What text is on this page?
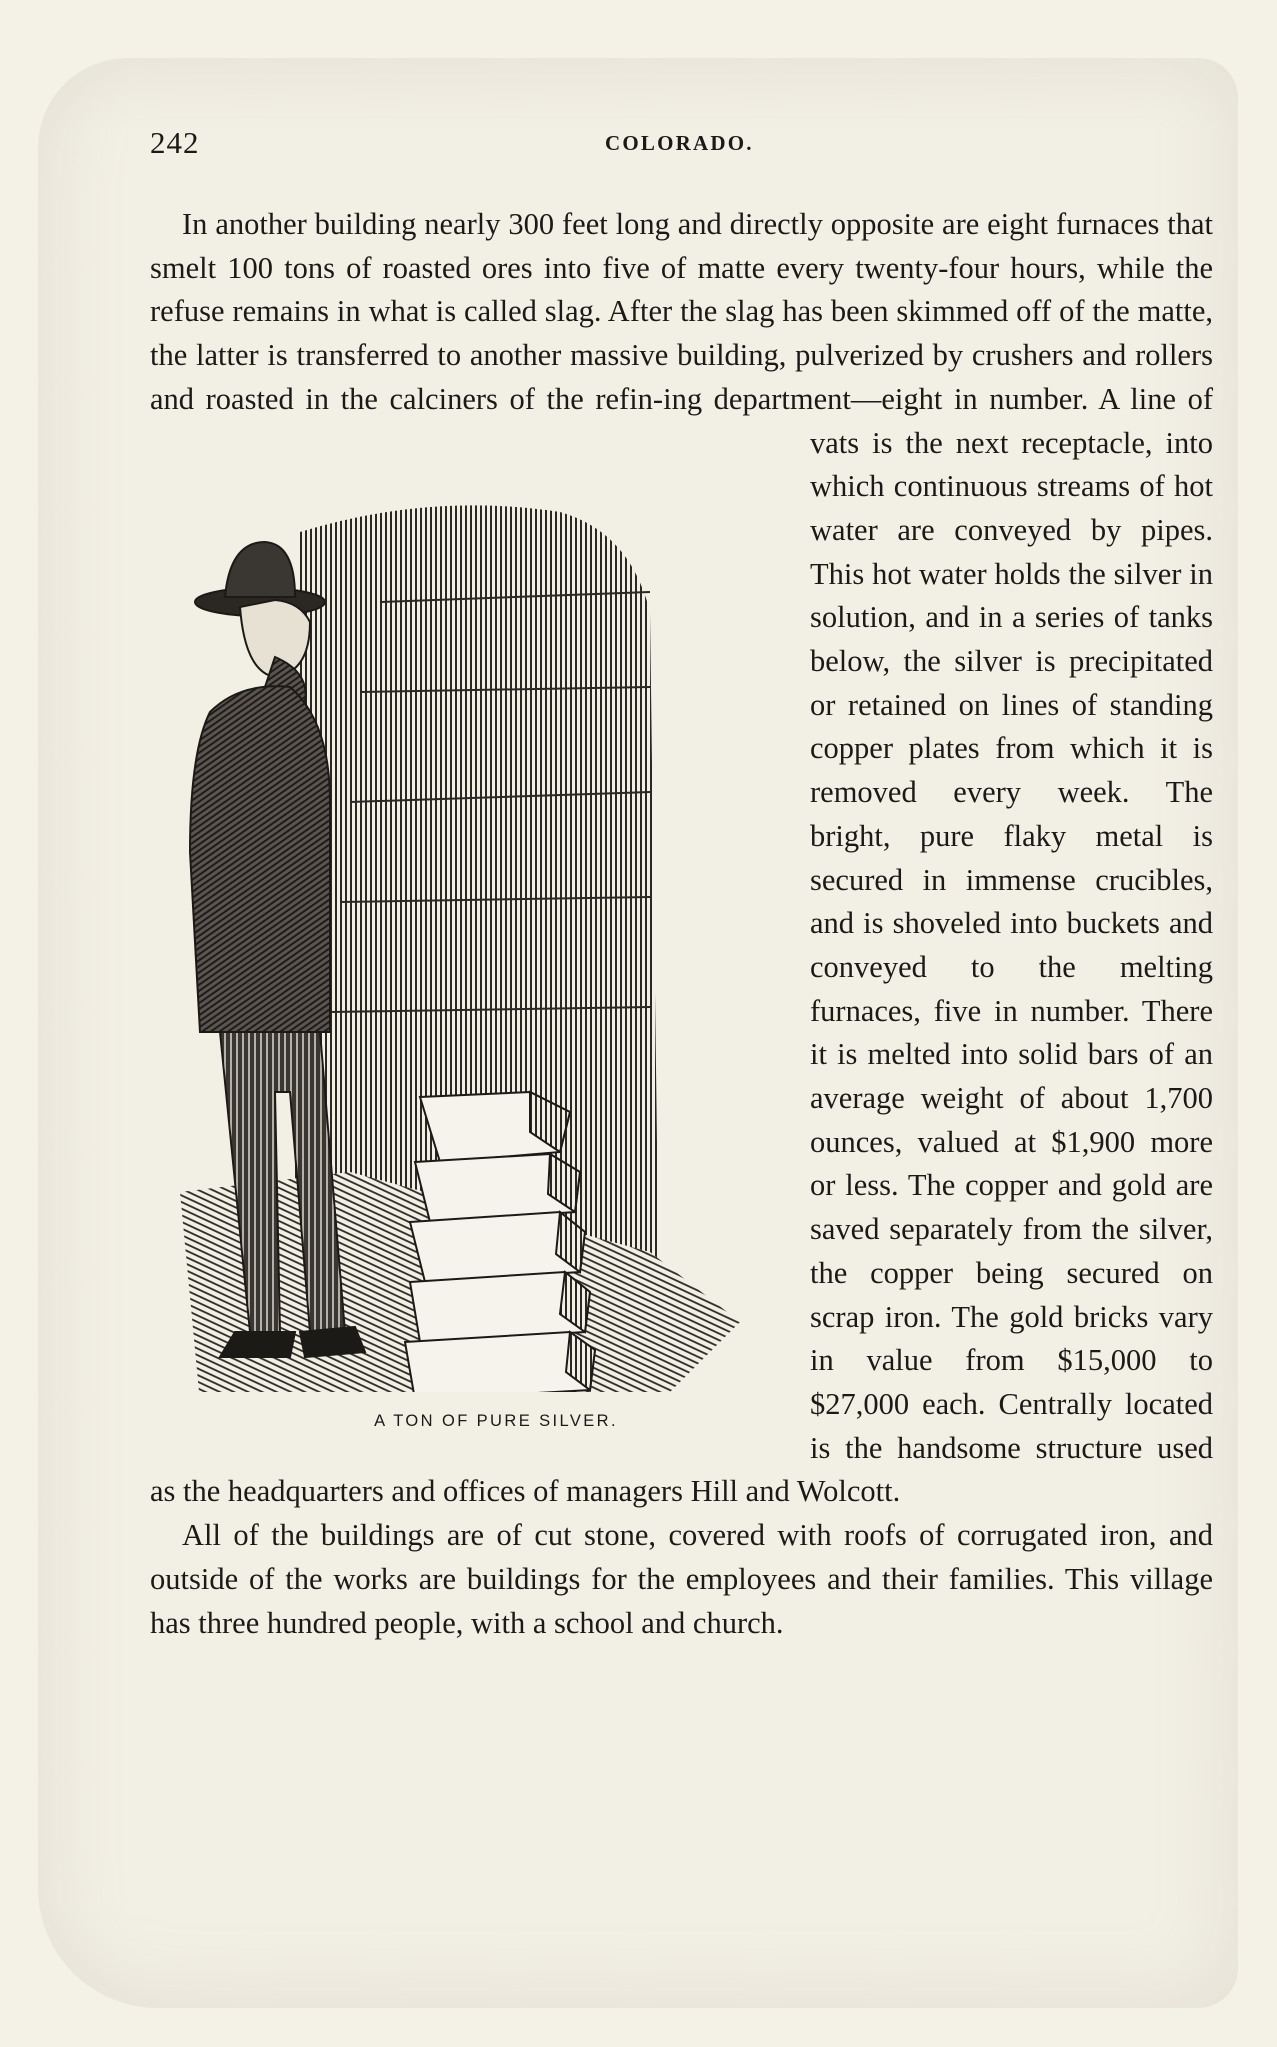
242	COLORADO.

In another building nearly 300 feet long and directly opposite are eight furnaces that smelt 100 tons of roasted ores into five of matte every twenty-four hours, while the refuse remains in what is called slag. After the slag has been skimmed off of the matte, the latter is transferred to another massive building, pulverized by crushers and rollers and roasted in the calciners of the refin-
A TON OF PURE SILVER.
ing department—eight in number. A line of vats is the next receptacle, into which continuous streams of hot water are conveyed by pipes. This hot water holds the silver in solution, and in a series of tanks below, the silver is precipitated or retained on lines of standing copper plates from which it is removed every week. The bright, pure flaky metal is secured in immense crucibles, and is shoveled into buckets and conveyed to the melting furnaces, five in number. There it is melted into solid bars of an average weight of about 1,700 ounces, valued at $1,900 more or less. The copper and gold are saved separately from the silver, the copper being secured on scrap iron. The gold bricks vary in value from $15,000 to $27,000 each. Centrally located is the handsome structure used as the headquarters and offices of managers Hill and Wolcott.

All of the buildings are of cut stone, covered with roofs of corrugated iron, and outside of the works are buildings for the employees and their families. This village has three hundred people, with a school and church.
